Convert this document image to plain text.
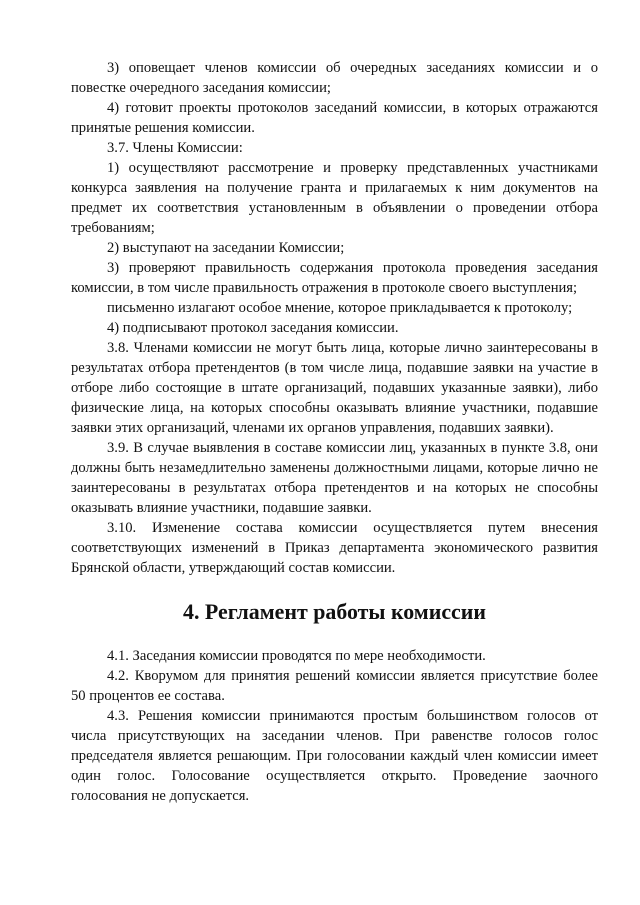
3) оповещает членов комиссии об очередных заседаниях комиссии и о повестке очередного заседания комиссии;

4) готовит проекты протоколов заседаний комиссии, в которых отражаются принятые решения комиссии.

3.7. Члены Комиссии:

1) осуществляют рассмотрение и проверку представленных участниками конкурса заявления на получение гранта и прилагаемых к ним документов на предмет их соответствия установленным в объявлении о проведении отбора требованиям;

2) выступают на заседании Комиссии;

3) проверяют правильность содержания протокола проведения заседания комиссии, в том числе правильность отражения в протоколе своего выступления;

письменно излагают особое мнение, которое прикладывается к протоколу;

4) подписывают протокол заседания комиссии.

3.8. Членами комиссии не могут быть лица, которые лично заинтересованы в результатах отбора претендентов (в том числе лица, подавшие заявки на участие в отборе либо состоящие в штате организаций, подавших указанные заявки), либо физические лица, на которых способны оказывать влияние участники, подавшие заявки этих организаций, членами их органов управления, подавших заявки).

3.9. В случае выявления в составе комиссии лиц, указанных в пункте 3.8, они должны быть незамедлительно заменены должностными лицами, которые лично не заинтересованы в результатах отбора претендентов и на которых не способны оказывать влияние участники, подавшие заявки.

3.10. Изменение состава комиссии осуществляется путем внесения соответствующих изменений в Приказ департамента экономического развития Брянской области, утверждающий состав комиссии.

4. Регламент работы комиссии

4.1. Заседания комиссии проводятся по мере необходимости.

4.2. Кворумом для принятия решений комиссии является присутствие более 50 процентов ее состава.

4.3. Решения комиссии принимаются простым большинством голосов от числа присутствующих на заседании членов. При равенстве голосов голос председателя является решающим. При голосовании каждый член комиссии имеет один голос. Голосование осуществляется открыто. Проведение заочного голосования не допускается.
